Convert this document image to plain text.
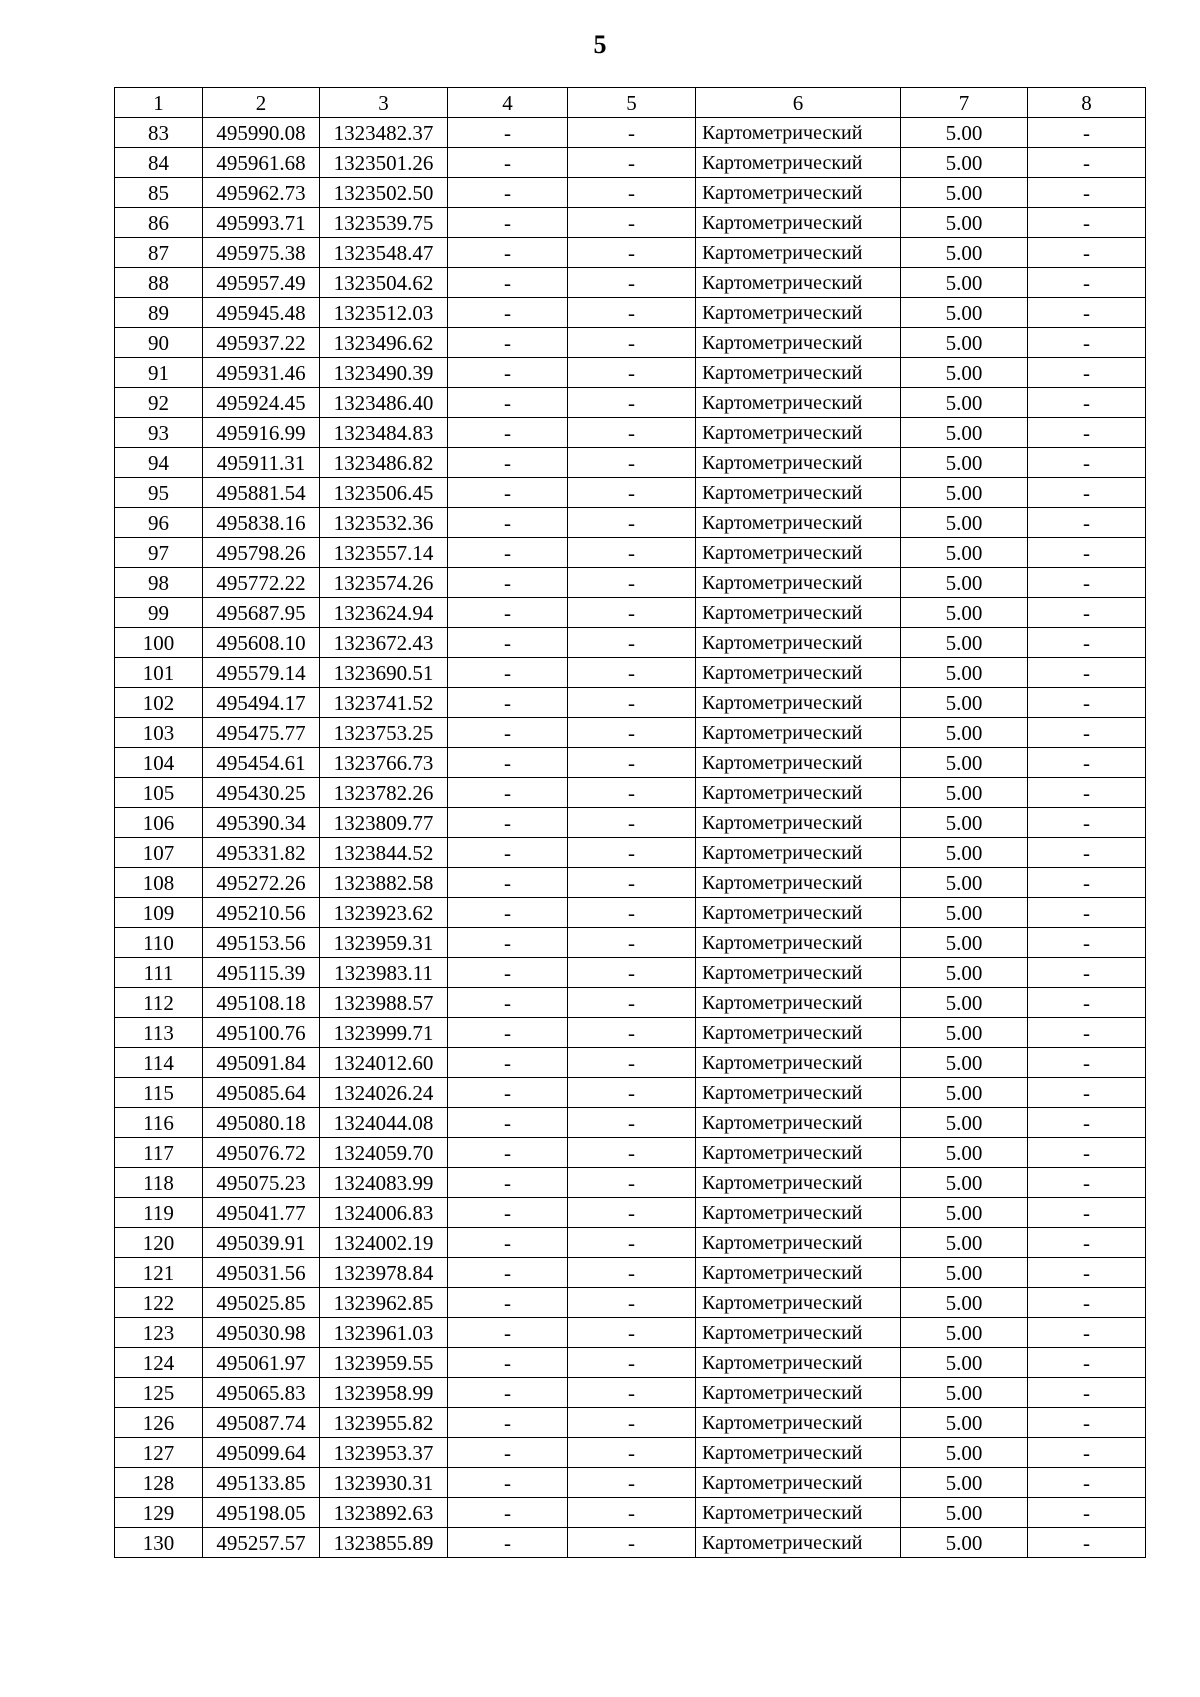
5
1	2	3	4	5	6	7	8
83	495990.08	1323482.37	-	-	Картометрический	5.00	-
84	495961.68	1323501.26	-	-	Картометрический	5.00	-
85	495962.73	1323502.50	-	-	Картометрический	5.00	-
86	495993.71	1323539.75	-	-	Картометрический	5.00	-
87	495975.38	1323548.47	-	-	Картометрический	5.00	-
88	495957.49	1323504.62	-	-	Картометрический	5.00	-
89	495945.48	1323512.03	-	-	Картометрический	5.00	-
90	495937.22	1323496.62	-	-	Картометрический	5.00	-
91	495931.46	1323490.39	-	-	Картометрический	5.00	-
92	495924.45	1323486.40	-	-	Картометрический	5.00	-
93	495916.99	1323484.83	-	-	Картометрический	5.00	-
94	495911.31	1323486.82	-	-	Картометрический	5.00	-
95	495881.54	1323506.45	-	-	Картометрический	5.00	-
96	495838.16	1323532.36	-	-	Картометрический	5.00	-
97	495798.26	1323557.14	-	-	Картометрический	5.00	-
98	495772.22	1323574.26	-	-	Картометрический	5.00	-
99	495687.95	1323624.94	-	-	Картометрический	5.00	-
100	495608.10	1323672.43	-	-	Картометрический	5.00	-
101	495579.14	1323690.51	-	-	Картометрический	5.00	-
102	495494.17	1323741.52	-	-	Картометрический	5.00	-
103	495475.77	1323753.25	-	-	Картометрический	5.00	-
104	495454.61	1323766.73	-	-	Картометрический	5.00	-
105	495430.25	1323782.26	-	-	Картометрический	5.00	-
106	495390.34	1323809.77	-	-	Картометрический	5.00	-
107	495331.82	1323844.52	-	-	Картометрический	5.00	-
108	495272.26	1323882.58	-	-	Картометрический	5.00	-
109	495210.56	1323923.62	-	-	Картометрический	5.00	-
110	495153.56	1323959.31	-	-	Картометрический	5.00	-
111	495115.39	1323983.11	-	-	Картометрический	5.00	-
112	495108.18	1323988.57	-	-	Картометрический	5.00	-
113	495100.76	1323999.71	-	-	Картометрический	5.00	-
114	495091.84	1324012.60	-	-	Картометрический	5.00	-
115	495085.64	1324026.24	-	-	Картометрический	5.00	-
116	495080.18	1324044.08	-	-	Картометрический	5.00	-
117	495076.72	1324059.70	-	-	Картометрический	5.00	-
118	495075.23	1324083.99	-	-	Картометрический	5.00	-
119	495041.77	1324006.83	-	-	Картометрический	5.00	-
120	495039.91	1324002.19	-	-	Картометрический	5.00	-
121	495031.56	1323978.84	-	-	Картометрический	5.00	-
122	495025.85	1323962.85	-	-	Картометрический	5.00	-
123	495030.98	1323961.03	-	-	Картометрический	5.00	-
124	495061.97	1323959.55	-	-	Картометрический	5.00	-
125	495065.83	1323958.99	-	-	Картометрический	5.00	-
126	495087.74	1323955.82	-	-	Картометрический	5.00	-
127	495099.64	1323953.37	-	-	Картометрический	5.00	-
128	495133.85	1323930.31	-	-	Картометрический	5.00	-
129	495198.05	1323892.63	-	-	Картометрический	5.00	-
130	495257.57	1323855.89	-	-	Картометрический	5.00	-
